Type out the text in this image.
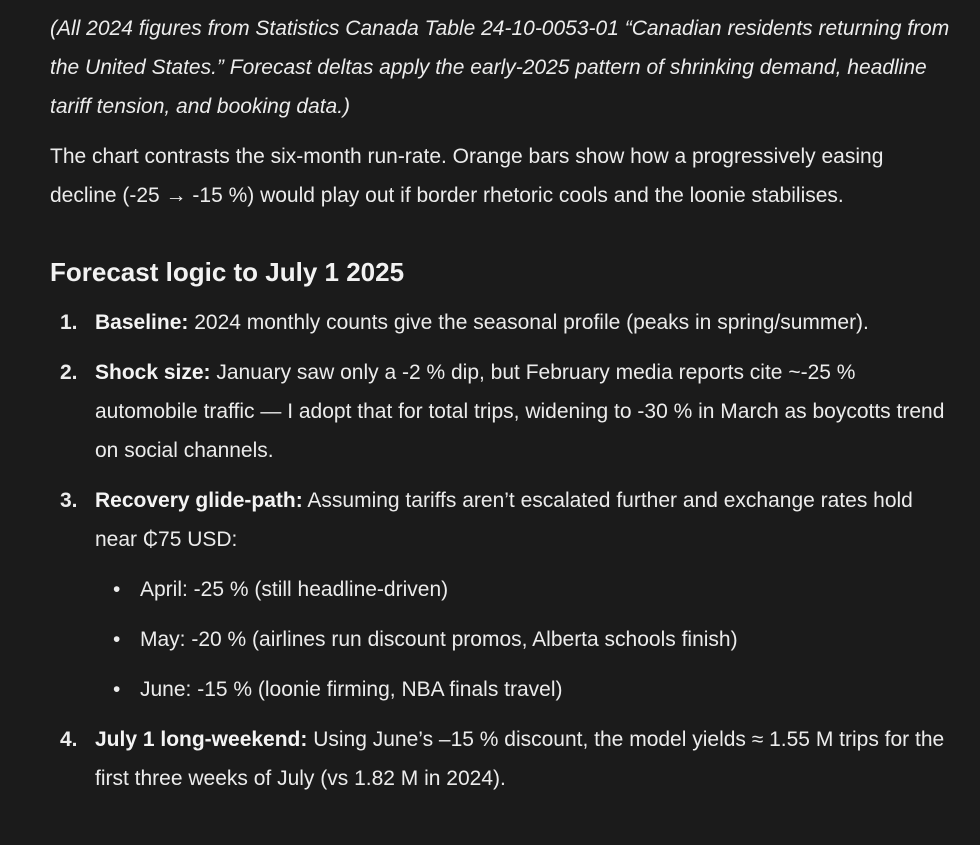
(All 2024 figures from Statistics Canada Table 24-10-0053-01 “Canadian residents returning from the United States.” Forecast deltas apply the early-2025 pattern of shrinking demand, headline tariff tension, and booking data.)

The chart contrasts the six-month run-rate. Orange bars show how a progressively easing decline (-25 → -15 %) would play out if border rhetoric cools and the loonie stabilises.

Forecast logic to July 1 2025
1. Baseline: 2024 monthly counts give the seasonal profile (peaks in spring/summer).
2. Shock size: January saw only a -2 % dip, but February media reports cite ~-25 % automobile traffic — I adopt that for total trips, widening to -30 % in March as boycotts trend on social channels.
3. Recovery glide-path: Assuming tariffs aren’t escalated further and exchange rates hold near ₵75 USD:
• April: -25 % (still headline-driven)
• May: -20 % (airlines run discount promos, Alberta schools finish)
• June: -15 % (loonie firming, NBA finals travel)
4. July 1 long-weekend: Using June’s –15 % discount, the model yields ≈ 1.55 M trips for the first three weeks of July (vs 1.82 M in 2024).
